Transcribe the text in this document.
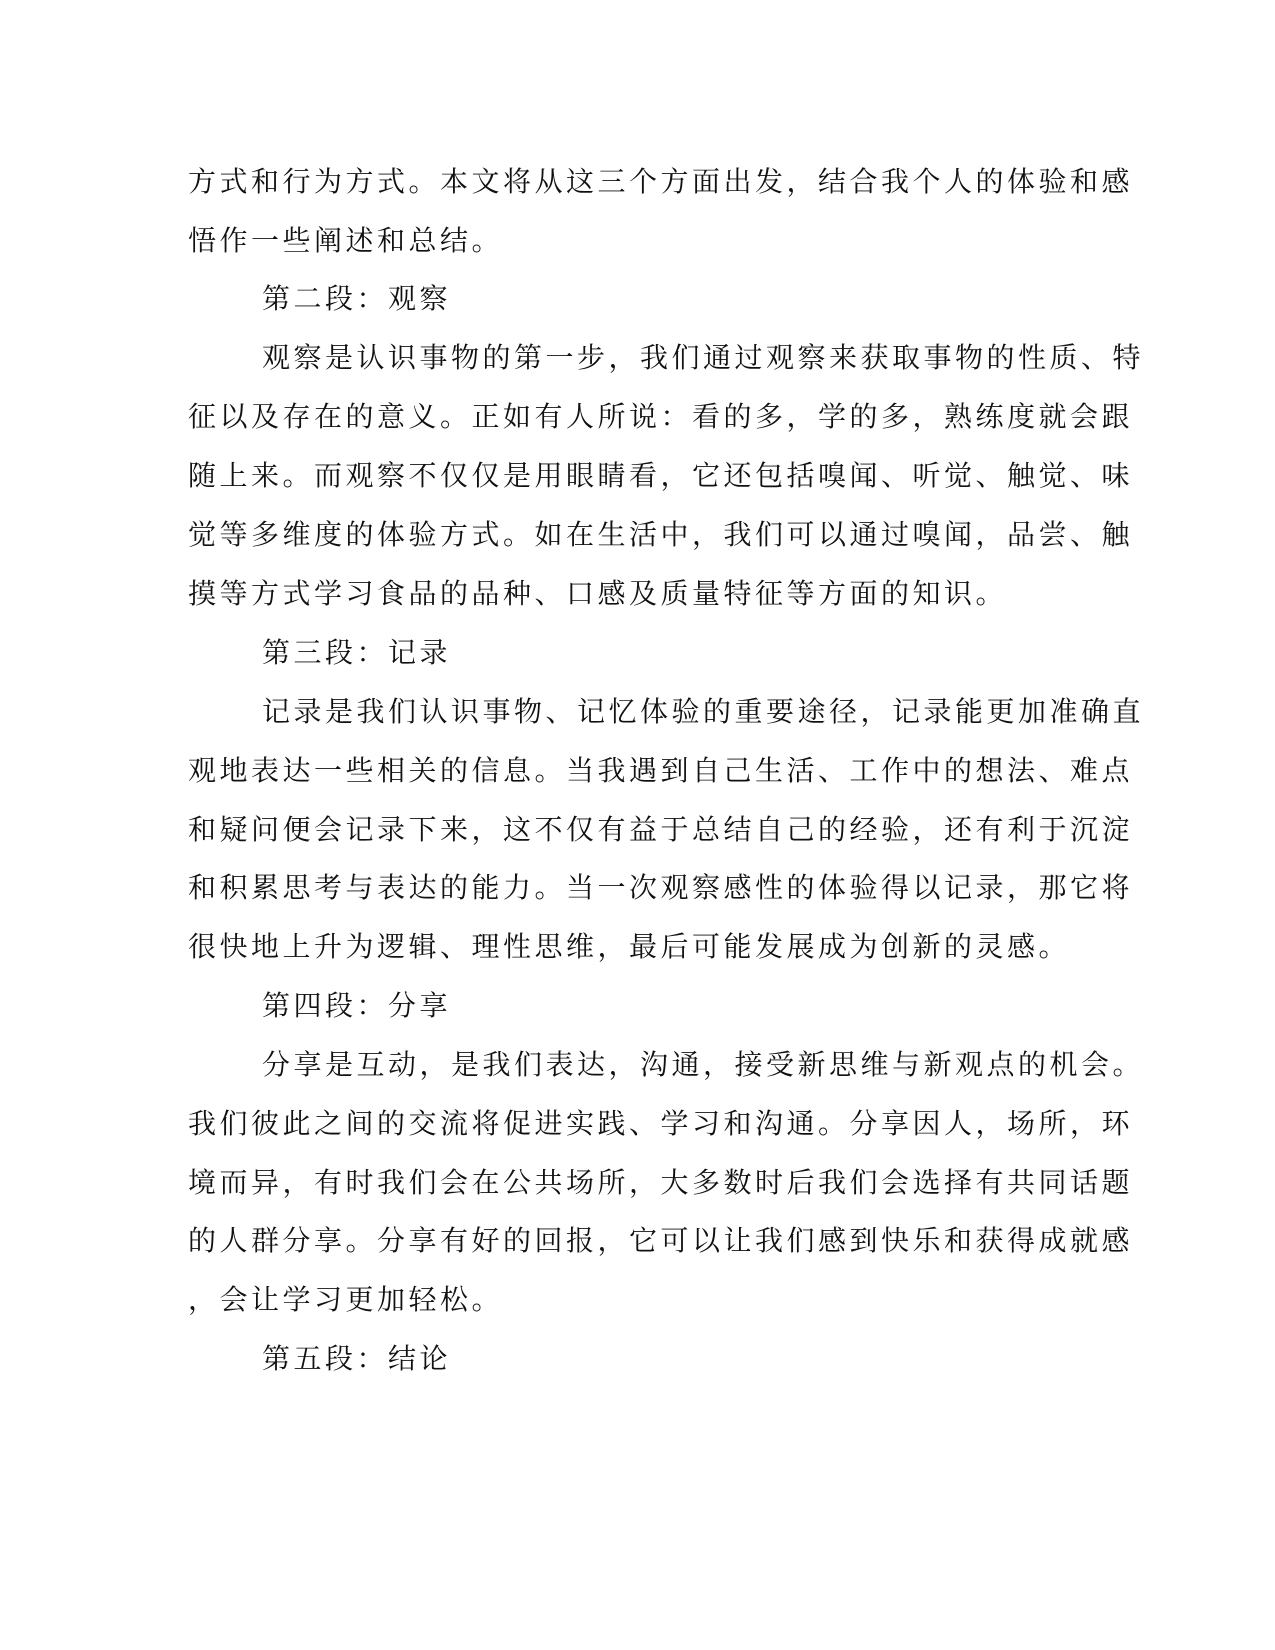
方式和行为方式。本文将从这三个方面出发，结合我个人的体验和感
悟作一些阐述和总结。
第二段：观察
观察是认识事物的第一步，我们通过观察来获取事物的性质、特
征以及存在的意义。正如有人所说：看的多，学的多，熟练度就会跟
随上来。而观察不仅仅是用眼睛看，它还包括嗅闻、听觉、触觉、味
觉等多维度的体验方式。如在生活中，我们可以通过嗅闻，品尝、触
摸等方式学习食品的品种、口感及质量特征等方面的知识。
第三段：记录
记录是我们认识事物、记忆体验的重要途径，记录能更加准确直
观地表达一些相关的信息。当我遇到自己生活、工作中的想法、难点
和疑问便会记录下来，这不仅有益于总结自己的经验，还有利于沉淀
和积累思考与表达的能力。当一次观察感性的体验得以记录，那它将
很快地上升为逻辑、理性思维，最后可能发展成为创新的灵感。
第四段：分享
分享是互动，是我们表达，沟通，接受新思维与新观点的机会。
我们彼此之间的交流将促进实践、学习和沟通。分享因人，场所，环
境而异，有时我们会在公共场所，大多数时后我们会选择有共同话题
的人群分享。分享有好的回报，它可以让我们感到快乐和获得成就感
，会让学习更加轻松。
第五段：结论
